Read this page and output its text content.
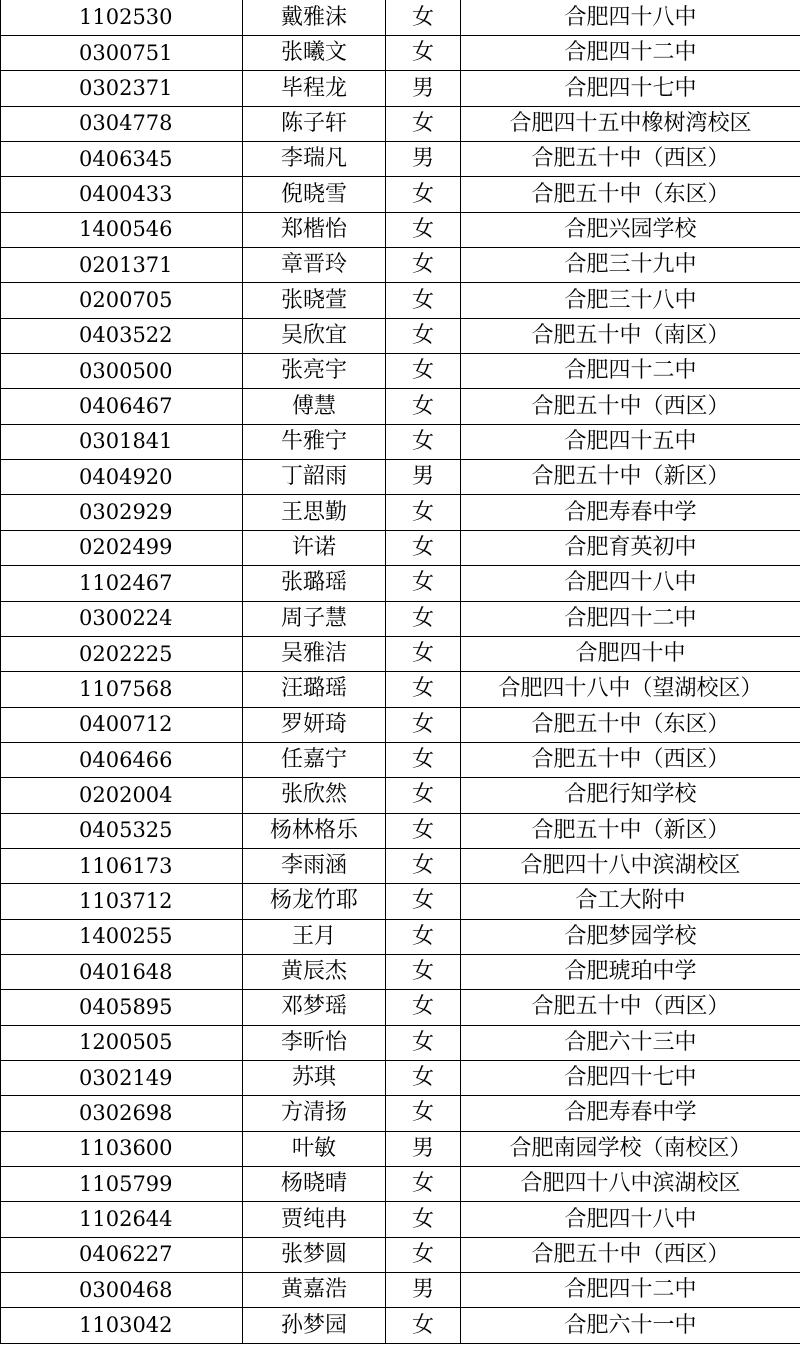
1102530	戴雅沫	女	合肥四十八中
0300751	张曦文	女	合肥四十二中
0302371	毕程龙	男	合肥四十七中
0304778	陈子轩	女	合肥四十五中橡树湾校区
0406345	李瑞凡	男	合肥五十中（西区）
0400433	倪晓雪	女	合肥五十中（东区）
1400546	郑楷怡	女	合肥兴园学校
0201371	章晋玲	女	合肥三十九中
0200705	张晓萱	女	合肥三十八中
0403522	吴欣宜	女	合肥五十中（南区）
0300500	张亮宇	女	合肥四十二中
0406467	傅慧	女	合肥五十中（西区）
0301841	牛雅宁	女	合肥四十五中
0404920	丁韶雨	男	合肥五十中（新区）
0302929	王思勤	女	合肥寿春中学
0202499	许诺	女	合肥育英初中
1102467	张璐瑶	女	合肥四十八中
0300224	周子慧	女	合肥四十二中
0202225	吴雅洁	女	合肥四十中
1107568	汪璐瑶	女	合肥四十八中（望湖校区）
0400712	罗妍琦	女	合肥五十中（东区）
0406466	任嘉宁	女	合肥五十中（西区）
0202004	张欣然	女	合肥行知学校
0405325	杨林格乐	女	合肥五十中（新区）
1106173	李雨涵	女	合肥四十八中滨湖校区
1103712	杨龙竹耶	女	合工大附中
1400255	王月	女	合肥梦园学校
0401648	黄辰杰	女	合肥琥珀中学
0405895	邓梦瑶	女	合肥五十中（西区）
1200505	李昕怡	女	合肥六十三中
0302149	苏琪	女	合肥四十七中
0302698	方清扬	女	合肥寿春中学
1103600	叶敏	男	合肥南园学校（南校区）
1105799	杨晓晴	女	合肥四十八中滨湖校区
1102644	贾纯冉	女	合肥四十八中
0406227	张梦圆	女	合肥五十中（西区）
0300468	黄嘉浩	男	合肥四十二中
1103042	孙梦园	女	合肥六十一中
